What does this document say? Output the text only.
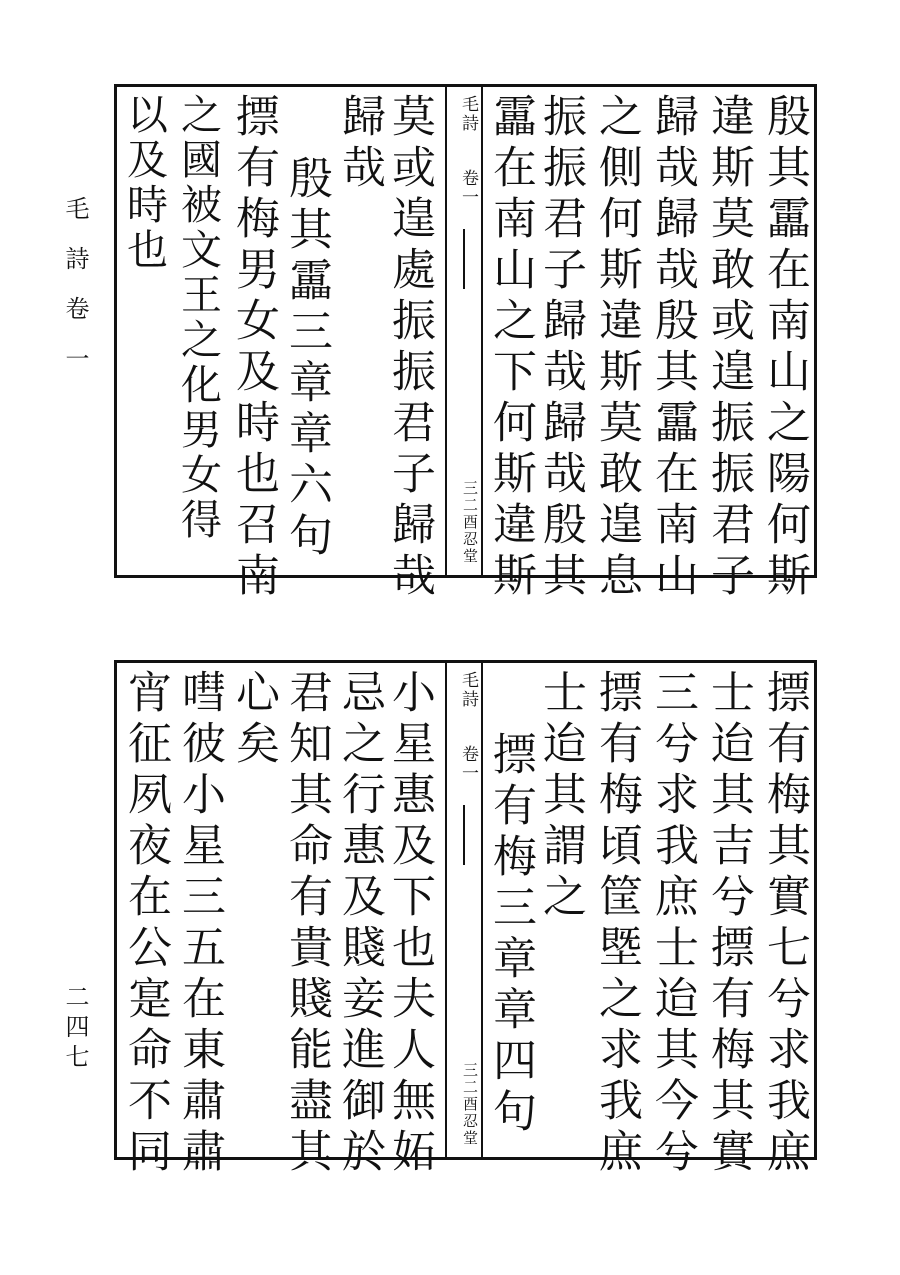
毛詩卷一
二四七
殷其靁在南山之陽何斯
違斯莫敢或遑振振君子
歸哉歸哉殷其靁在南山
之側何斯違斯莫敢遑息
振振君子歸哉歸哉殷其
靁在南山之下何斯違斯
毛詩
卷一
三二酉忍堂
莫或遑處振振君子歸哉
歸哉
殷其靁三章章六句
摽有梅男女及時也召南
之國被文王之化男女得
以及時也
摽有梅其實七兮求我庶
士迨其吉兮摽有梅其實
三兮求我庶士迨其今兮
摽有梅頃筐塈之求我庶
士迨其謂之
摽有梅三章章四句
毛詩
卷一
三二酉忍堂
小星惠及下也夫人無妬
忌之行惠及賤妾進御於
君知其命有貴賤能盡其
心矣
嘒彼小星三五在東肅肅
宵征夙夜在公寔命不同
